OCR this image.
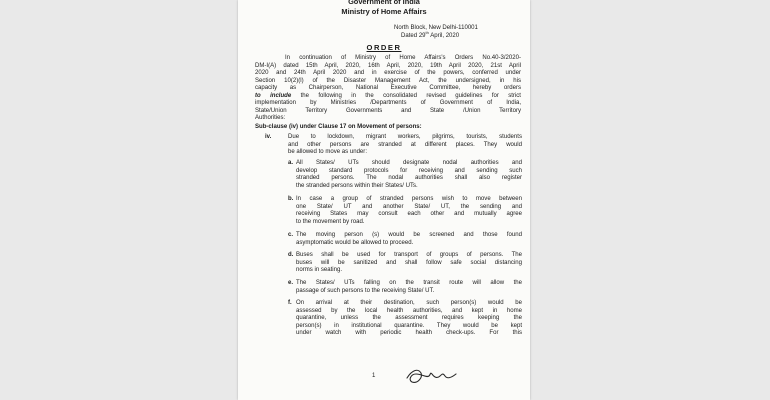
Government of India
Ministry of Home Affairs
North Block, New Delhi-110001
Dated 29th April, 2020
ORDER
In continuation of Ministry of Home Affairs's Orders No.40-3/2020-
DM-I(A) dated 15th April, 2020, 16th April, 2020, 19th April 2020, 21st April
2020 and 24th April 2020 and in exercise of the powers, conferred under
Section 10(2)(l) of the Disaster Management Act, the undersigned, in his
capacity as Chairperson, National Executive Committee, hereby orders
to include the following in the consolidated revised guidelines for strict
implementation by Ministries /Departments of Government of India,
State/Union Territory Governments and State /Union Territory
Authorities:
Sub-clause (iv) under Clause 17 on Movement of persons:
iv.	Due to lockdown, migrant workers, pilgrims, tourists, students
and other persons are stranded at different places. They would
be allowed to move as under:
a. All States/ UTs should designate nodal authorities and
develop standard protocols for receiving and sending such
stranded persons. The nodal authorities shall also register
the stranded persons within their States/ UTs.
b. In case a group of stranded persons wish to move between
one State/ UT and another State/ UT, the sending and
receiving States may consult each other and mutually agree
to the movement by road.
c. The moving person (s) would be screened and those found
asymptomatic would be allowed to proceed.
d. Buses shall be used for transport of groups of persons. The
buses will be sanitized and shall follow safe social distancing
norms in seating.
e. The States/ UTs falling on the transit route will allow the
passage of such persons to the receiving State/ UT.
f. On arrival at their destination, such person(s) would be
assessed by the local health authorities, and kept in home
quarantine, unless the assessment requires keeping the
person(s) in institutional quarantine. They would be kept
under watch with periodic health check-ups. For this
1
